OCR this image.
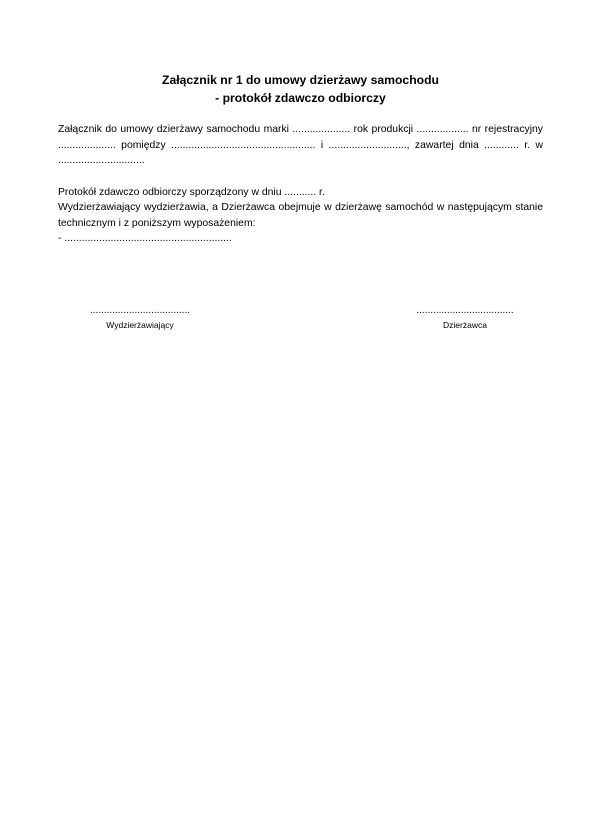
Załącznik nr 1 do umowy dzierżawy samochodu

- protokół zdawczo odbiorczy

Załącznik do umowy dzierżawy samochodu marki .................... rok produkcji .................. nr rejestracyjny .................... pomiędzy .................................................. i ..........................., zawartej dnia ............ r. w ..............................

Protokół zdawczo odbiorczy sporządzony w dniu ........... r.

Wydzierżawiający wydzierżawia, a Dzierżawca obejmuje w dzierżawę samochód w następującym stanie technicznym i z poniższym wyposażeniem:

- ..........................................................

....................................
Wydzierżawiający
...................................
Dzierżawca
